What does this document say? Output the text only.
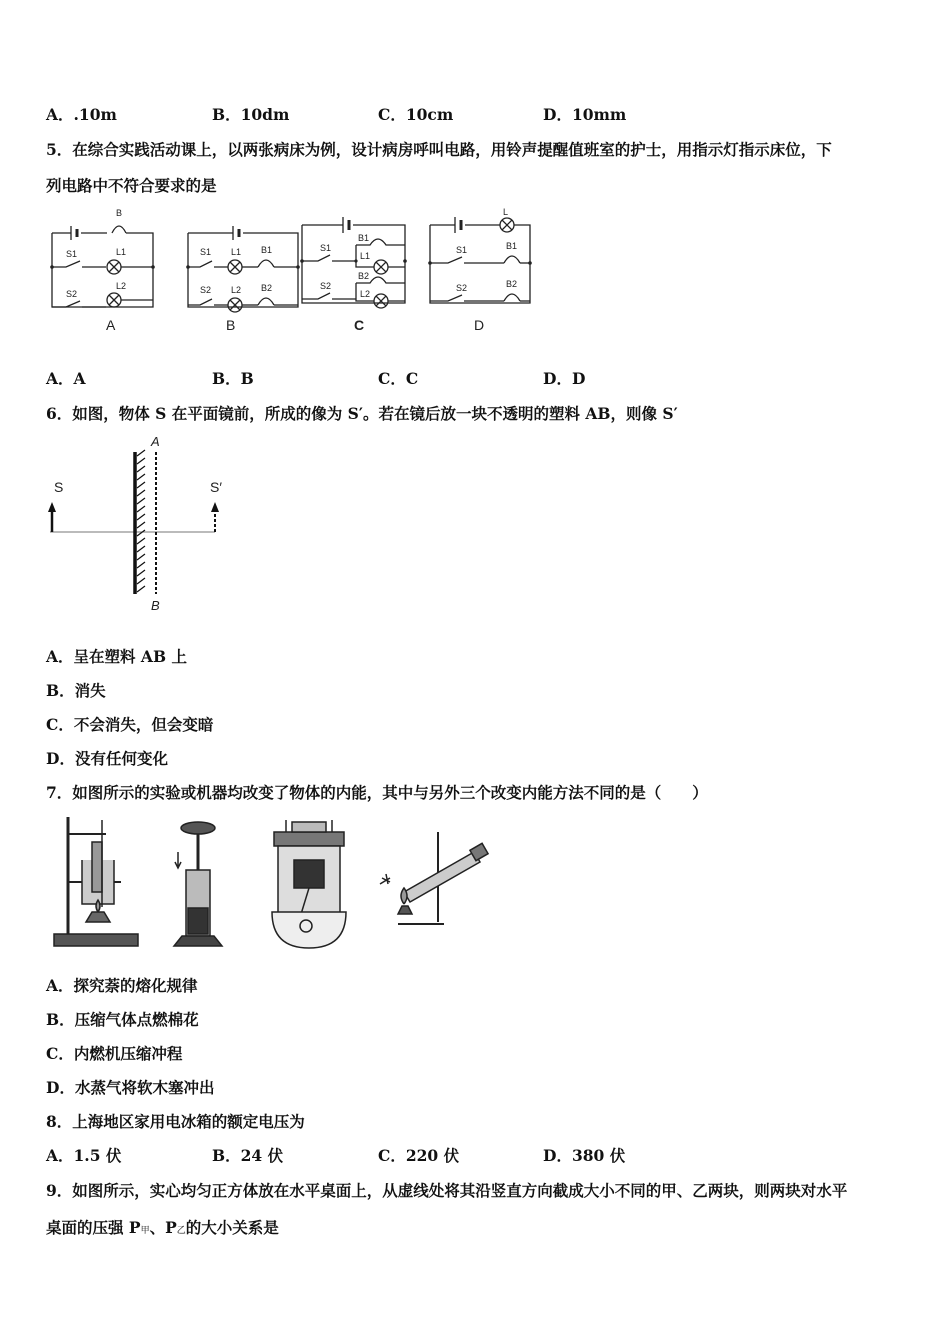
A．.10m	B．10dm	C．10cm	D．10mm
5．在综合实践活动课上，以两张病床为例，设计病房呼叫电路，用铃声提醒值班室的护士，用指示灯指示床位，下
列电路中不符合要求的是
B
S1	L1
S2
L2
S1 L1 B1
S2 L2 B2
S1
B1
L1
S2
B2
L2
L
S1	B1
S2	B2
A	B	C	D
A．A	B．B	C．C	D．D
6．如图，物体 S 在平面镜前，所成的像为 S′。若在镜后放一块不透明的塑料 AB，则像 S′
S	S′
A
B
A．呈在塑料 AB 上
B．消失
C．不会消失，但会变暗
D．没有任何变化
7．如图所示的实验或机器均改变了物体的内能，其中与另外三个改变内能方法不同的是（　　）
A．探究萘的熔化规律
B．压缩气体点燃棉花
C．内燃机压缩冲程
D．水蒸气将软木塞冲出
8．上海地区家用电冰箱的额定电压为
A．1.5 伏	B．24 伏	C．220 伏	D．380 伏
9．如图所示，实心均匀正方体放在水平桌面上，从虚线处将其沿竖直方向截成大小不同的甲、乙两块，则两块对水平
桌面的压强 P甲、P乙的大小关系是
